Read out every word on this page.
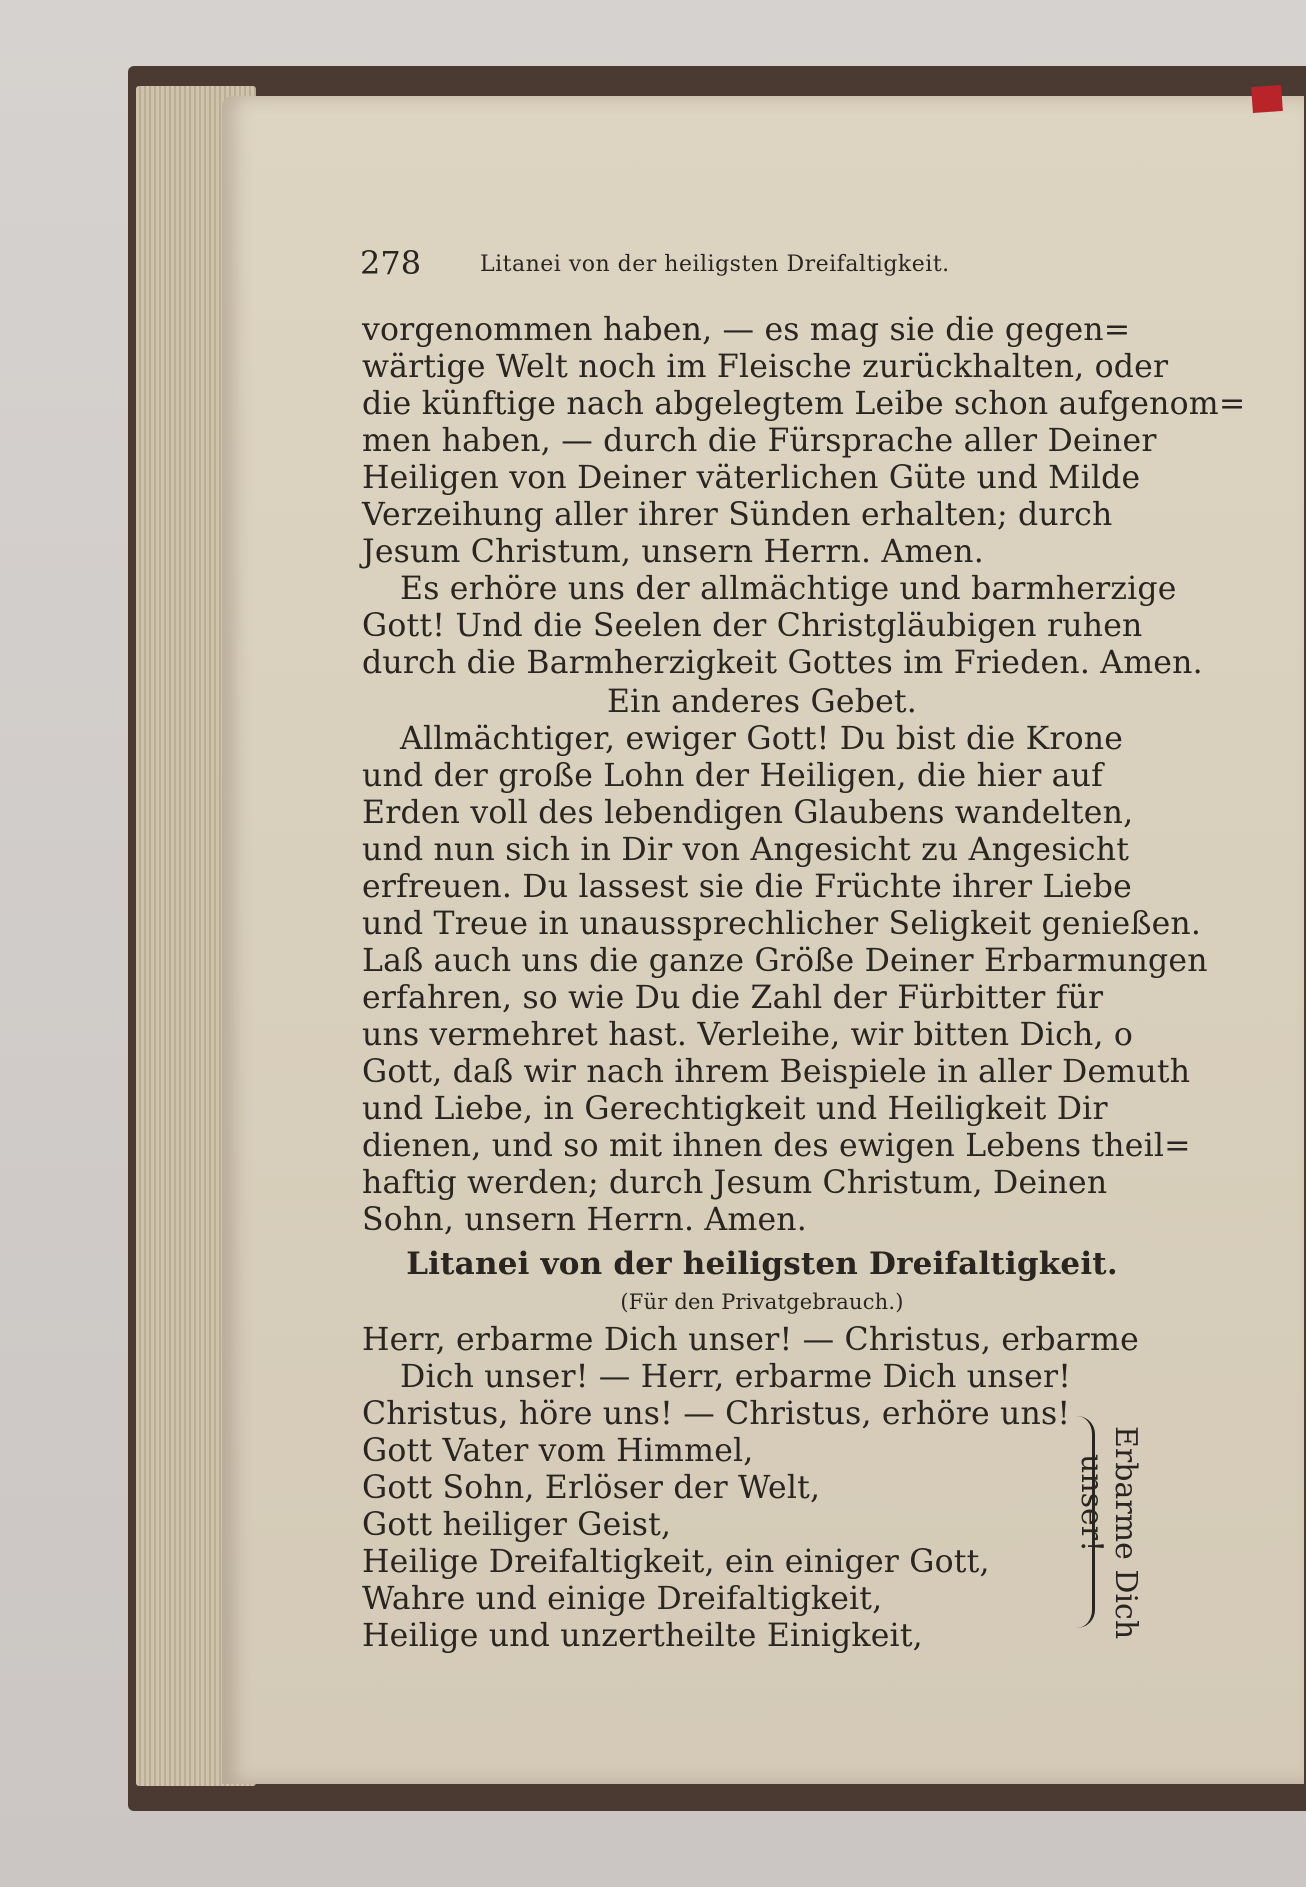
278	Litanei von der heiligsten Dreifaltigkeit.
vorgenommen haben, — es mag sie die gegen=
wärtige Welt noch im Fleische zurückhalten, oder
die künftige nach abgelegtem Leibe schon aufgenom=
men haben, — durch die Fürsprache aller Deiner
Heiligen von Deiner väterlichen Güte und Milde
Verzeihung aller ihrer Sünden erhalten; durch
Jesum Christum, unsern Herrn. Amen.
Es erhöre uns der allmächtige und barmherzige
Gott! Und die Seelen der Christgläubigen ruhen
durch die Barmherzigkeit Gottes im Frieden. Amen.
Ein anderes Gebet.
Allmächtiger, ewiger Gott! Du bist die Krone
und der große Lohn der Heiligen, die hier auf
Erden voll des lebendigen Glaubens wandelten,
und nun sich in Dir von Angesicht zu Angesicht
erfreuen. Du lassest sie die Früchte ihrer Liebe
und Treue in unaussprechlicher Seligkeit genießen.
Laß auch uns die ganze Größe Deiner Erbarmungen
erfahren, so wie Du die Zahl der Fürbitter für
uns vermehret hast. Verleihe, wir bitten Dich, o
Gott, daß wir nach ihrem Beispiele in aller Demuth
und Liebe, in Gerechtigkeit und Heiligkeit Dir
dienen, und so mit ihnen des ewigen Lebens theil=
haftig werden; durch Jesum Christum, Deinen
Sohn, unsern Herrn. Amen.
Litanei von der heiligsten Dreifaltigkeit.
(Für den Privatgebrauch.)
Herr, erbarme Dich unser! — Christus, erbarme
Dich unser! — Herr, erbarme Dich unser!
Christus, höre uns! — Christus, erhöre uns!
Gott Vater vom Himmel,
Gott Sohn, Erlöser der Welt,
Gott heiliger Geist,
Heilige Dreifaltigkeit, ein einiger Gott,
Wahre und einige Dreifaltigkeit,
Heilige und unzertheilte Einigkeit,	Erbarme Dich
unser!
